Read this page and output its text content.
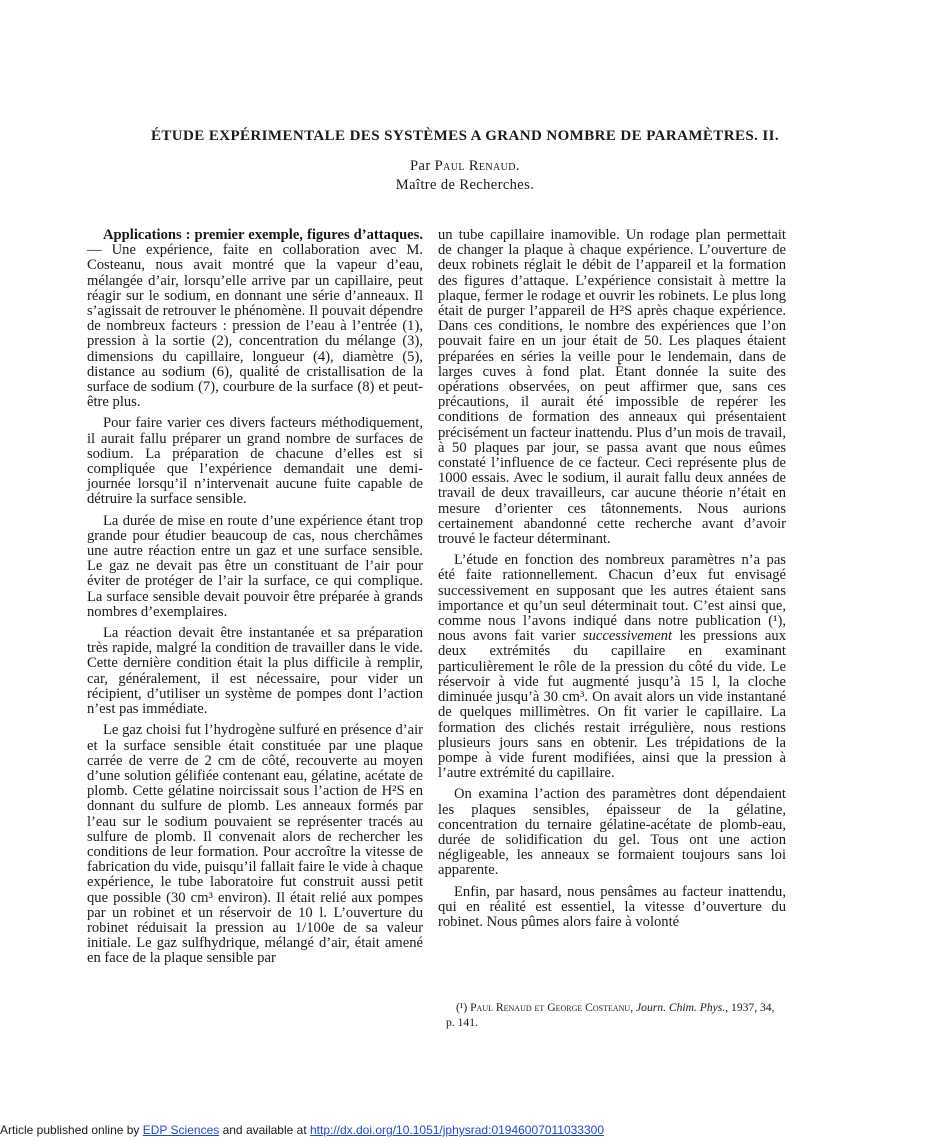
ÉTUDE EXPÉRIMENTALE DES SYSTÈMES A GRAND NOMBRE DE PARAMÈTRES. II.
Par Paul Renaud.
Maître de Recherches.

Applications : premier exemple, figures d’attaques. — Une expérience, faite en collaboration avec M. Costeanu, nous avait montré que la vapeur d’eau, mélangée d’air, lorsqu’elle arrive par un capillaire, peut réagir sur le sodium, en donnant une série d’anneaux. Il s’agissait de retrouver le phénomène. Il pouvait dépendre de nombreux facteurs : pression de l’eau à l’entrée (1), pression à la sortie (2), concentration du mélange (3), dimensions du capillaire, longueur (4), diamètre (5), distance au sodium (6), qualité de cristallisation de la surface de sodium (7), courbure de la surface (8) et peut-être plus.

Pour faire varier ces divers facteurs méthodiquement, il aurait fallu préparer un grand nombre de surfaces de sodium. La préparation de chacune d’elles est si compliquée que l’expérience demandait une demi-journée lorsqu’il n’intervenait aucune fuite capable de détruire la surface sensible.

La durée de mise en route d’une expérience étant trop grande pour étudier beaucoup de cas, nous cherchâmes une autre réaction entre un gaz et une surface sensible. Le gaz ne devait pas être un constituant de l’air pour éviter de protéger de l’air la surface, ce qui complique. La surface sensible devait pouvoir être préparée à grands nombres d’exemplaires.

La réaction devait être instantanée et sa préparation très rapide, malgré la condition de travailler dans le vide. Cette dernière condition était la plus difficile à remplir, car, généralement, il est nécessaire, pour vider un récipient, d’utiliser un système de pompes dont l’action n’est pas immédiate.

Le gaz choisi fut l’hydrogène sulfuré en présence d’air et la surface sensible était constituée par une plaque carrée de verre de 2 cm de côté, recouverte au moyen d’une solution gélifiée contenant eau, gélatine, acétate de plomb. Cette gélatine noircissait sous l’action de H²S en donnant du sulfure de plomb. Les anneaux formés par l’eau sur le sodium pouvaient se représenter tracés au sulfure de plomb. Il convenait alors de rechercher les conditions de leur formation. Pour accroître la vitesse de fabrication du vide, puisqu’il fallait faire le vide à chaque expérience, le tube laboratoire fut construit aussi petit que possible (30 cm³ environ). Il était relié aux pompes par un robinet et un réservoir de 10 l. L’ouverture du robinet réduisait la pression au 1/100e de sa valeur initiale. Le gaz sulfhydrique, mélangé d’air, était amené en face de la plaque sensible par

un tube capillaire inamovible. Un rodage plan permettait de changer la plaque à chaque expérience. L’ouverture de deux robinets réglait le débit de l’appareil et la formation des figures d’attaque. L’expérience consistait à mettre la plaque, fermer le rodage et ouvrir les robinets. Le plus long était de purger l’appareil de H²S après chaque expérience. Dans ces conditions, le nombre des expériences que l’on pouvait faire en un jour était de 50. Les plaques étaient préparées en séries la veille pour le lendemain, dans de larges cuves à fond plat. Étant donnée la suite des opérations observées, on peut affirmer que, sans ces précautions, il aurait été impossible de repérer les conditions de formation des anneaux qui présentaient précisément un facteur inattendu. Plus d’un mois de travail, à 50 plaques par jour, se passa avant que nous eûmes constaté l’influence de ce facteur. Ceci représente plus de 1000 essais. Avec le sodium, il aurait fallu deux années de travail de deux travailleurs, car aucune théorie n’était en mesure d’orienter ces tâtonnements. Nous aurions certainement abandonné cette recherche avant d’avoir trouvé le facteur déterminant.

L’étude en fonction des nombreux paramètres n’a pas été faite rationnellement. Chacun d’eux fut envisagé successivement en supposant que les autres étaient sans importance et qu’un seul déterminait tout. C’est ainsi que, comme nous l’avons indiqué dans notre publication (¹), nous avons fait varier successivement les pressions aux deux extrémités du capillaire en examinant particulièrement le rôle de la pression du côté du vide. Le réservoir à vide fut augmenté jusqu’à 15 l, la cloche diminuée jusqu’à 30 cm³. On avait alors un vide instantané de quelques millimètres. On fit varier le capillaire. La formation des clichés restait irrégulière, nous restions plusieurs jours sans en obtenir. Les trépidations de la pompe à vide furent modifiées, ainsi que la pression à l’autre extrémité du capillaire.

On examina l’action des paramètres dont dépendaient les plaques sensibles, épaisseur de la gélatine, concentration du ternaire gélatine-acétate de plomb-eau, durée de solidification du gel. Tous ont une action négligeable, les anneaux se formaient toujours sans loi apparente.

Enfin, par hasard, nous pensâmes au facteur inattendu, qui en réalité est essentiel, la vitesse d’ouverture du robinet. Nous pûmes alors faire à volonté

(¹) Paul Renaud et George Costeanu, Journ. Chim. Phys., 1937, 34, p. 141.
Article published online by EDP Sciences and available at http://dx.doi.org/10.1051/jphysrad:01946007011033300
